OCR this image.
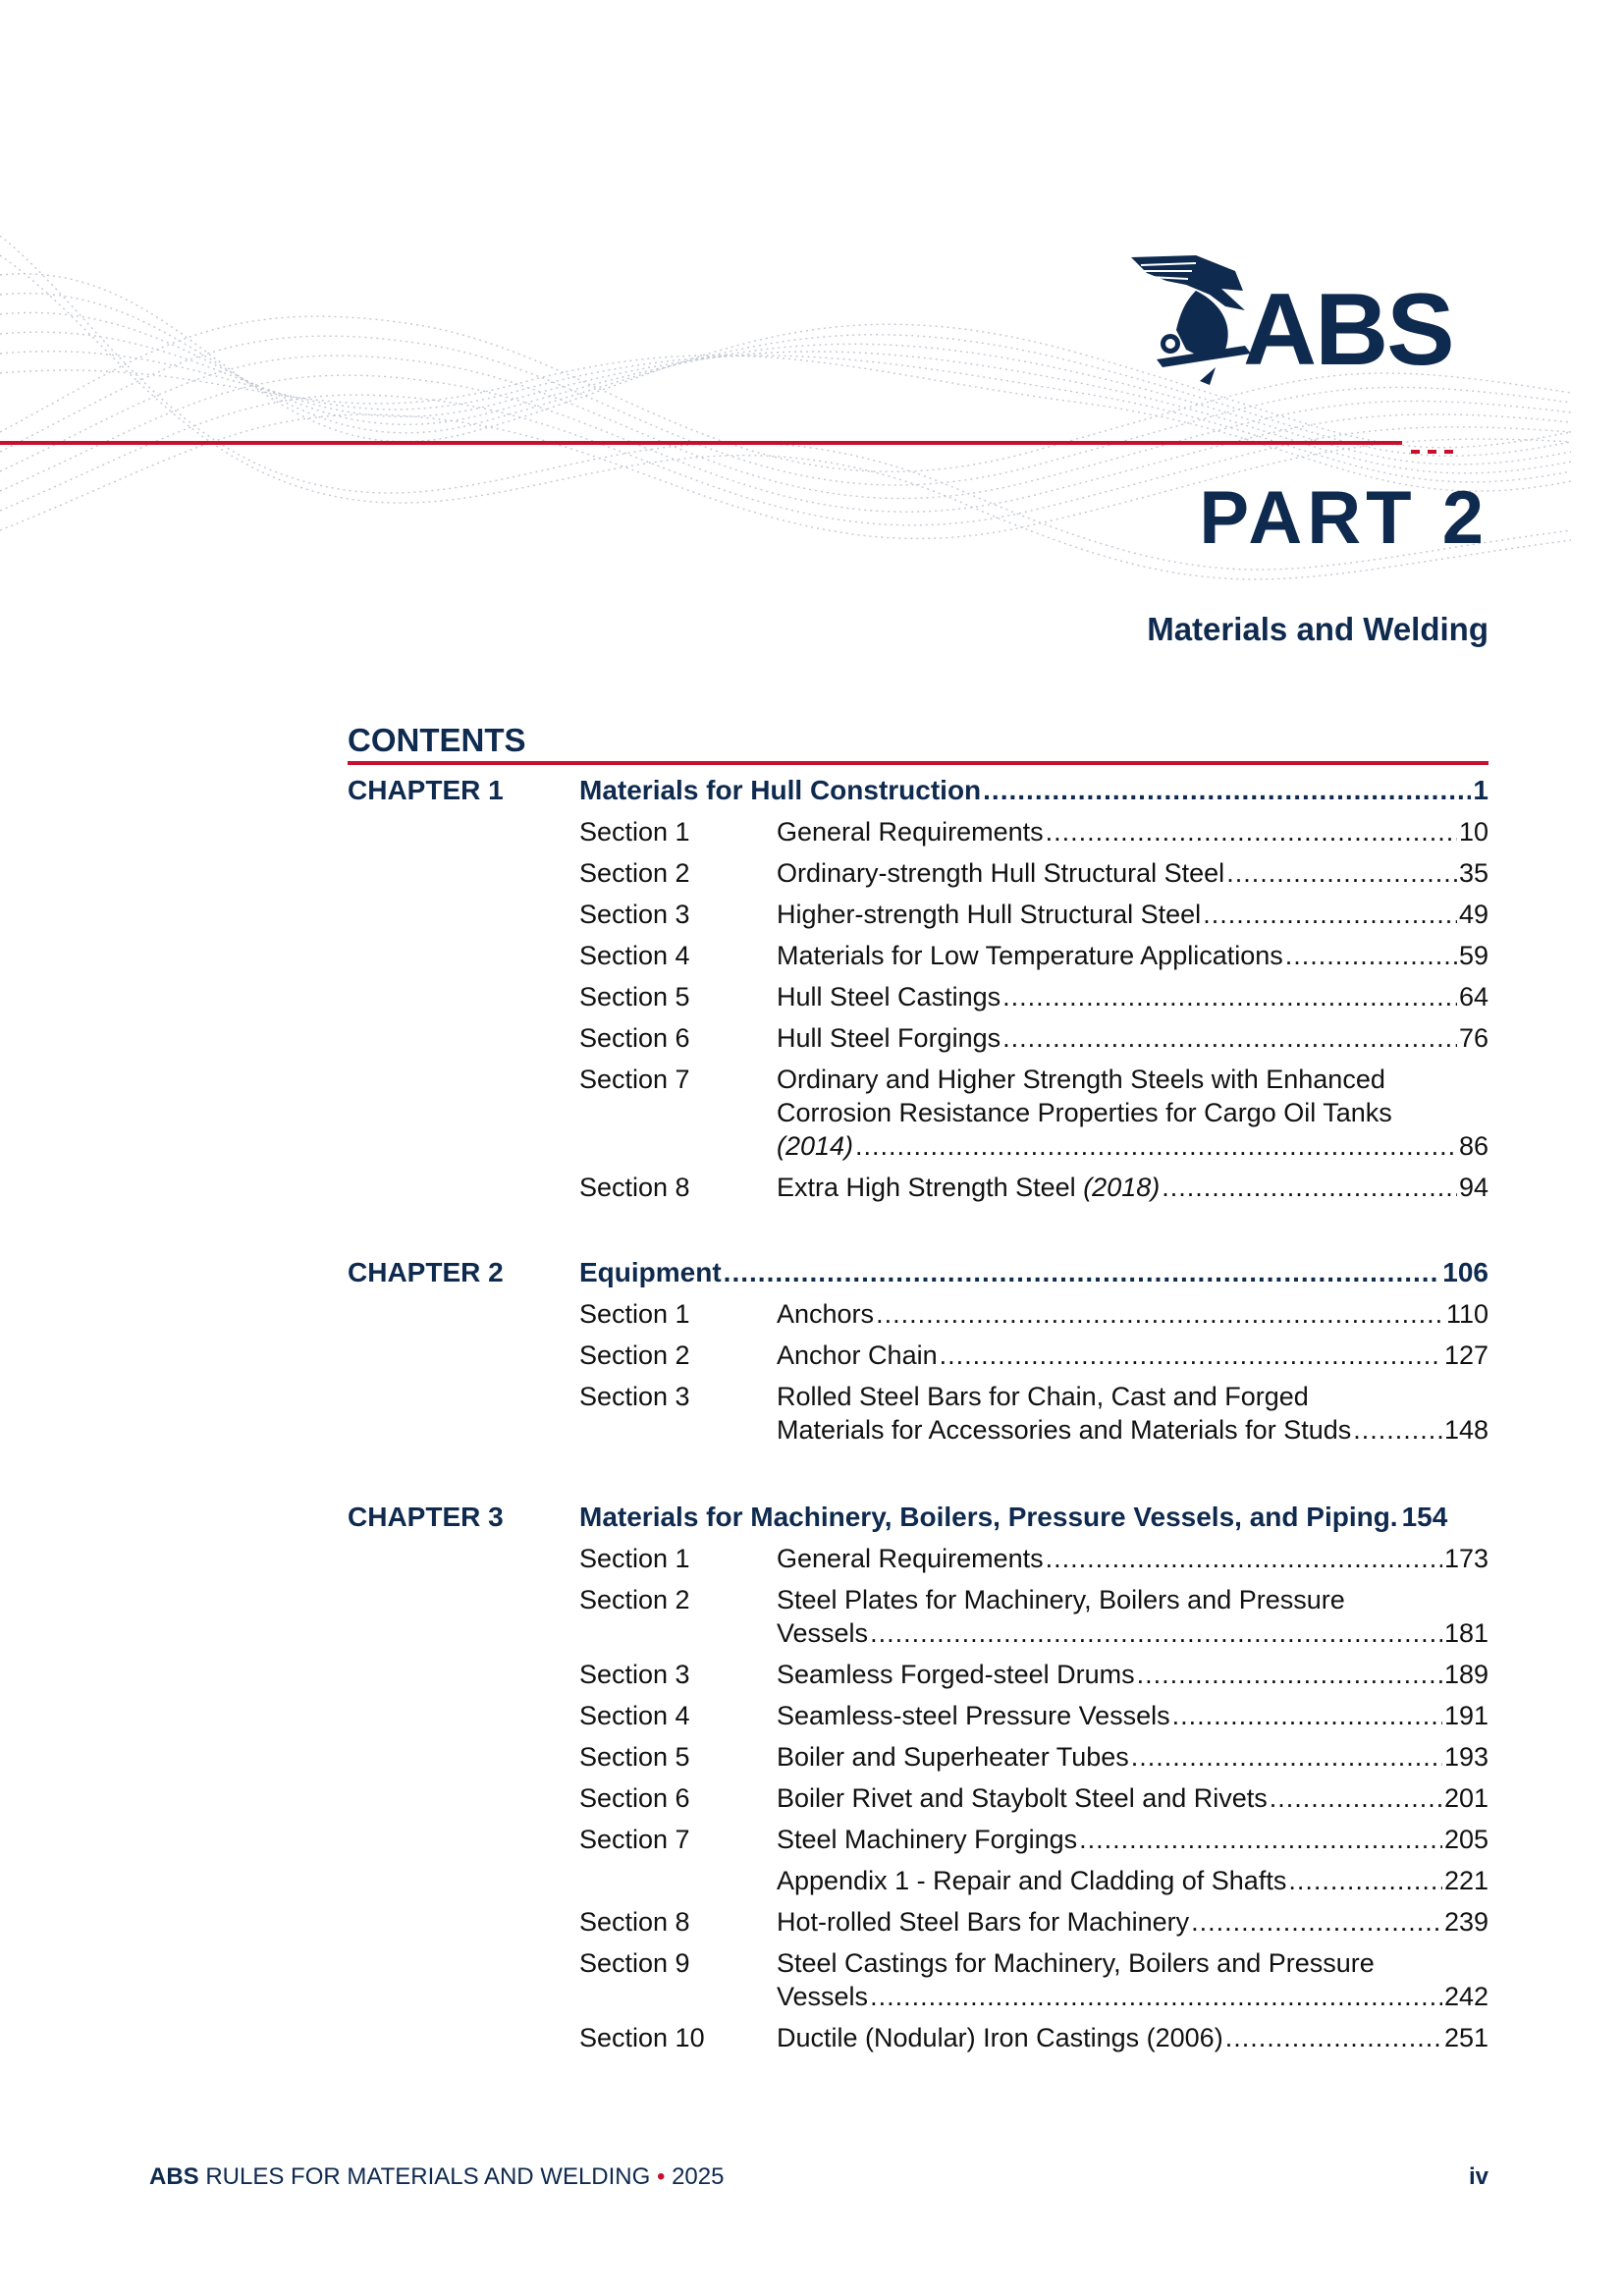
ABS
PART 2
Materials and Welding
CONTENTS
CHAPTER 1	Materials for Hull Construction .....	1
Section 1	General Requirements .....	10
Section 2	Ordinary-strength Hull Structural Steel .....	35
Section 3	Higher-strength Hull Structural Steel .....	49
Section 4	Materials for Low Temperature Applications .....	59
Section 5	Hull Steel Castings .....	64
Section 6	Hull Steel Forgings .....	76
Section 7	Ordinary and Higher Strength Steels with Enhanced Corrosion Resistance Properties for Cargo Oil Tanks
(2014) .....	86
Section 8	Extra High Strength Steel
(2018) .....	94
CHAPTER 2	Equipment .....	106
Section 1	Anchors .....	110
Section 2	Anchor Chain .....	127
Section 3	Rolled Steel Bars for Chain, Cast and Forged
Materials for Accessories and Materials for Studs .....	148
CHAPTER 3	Materials for Machinery, Boilers, Pressure Vessels, and Piping. 154
Section 1	General Requirements .....	173
Section 2	Steel Plates for Machinery, Boilers and Pressure
Vessels .....	181
Section 3	Seamless Forged-steel Drums .....	189
Section 4	Seamless-steel Pressure Vessels .....	191
Section 5	Boiler and Superheater Tubes .....	193
Section 6	Boiler Rivet and Staybolt Steel and Rivets .....	201
Section 7	Steel Machinery Forgings .....	205
Appendix 1 - Repair and Cladding of Shafts .....	221
Section 8	Hot-rolled Steel Bars for Machinery .....	239
Section 9	Steel Castings for Machinery, Boilers and Pressure
Vessels .....	242
Section 10	Ductile (Nodular) Iron Castings (2006) .....	251
ABS RULES FOR MATERIALS AND WELDING • 2025	iv
